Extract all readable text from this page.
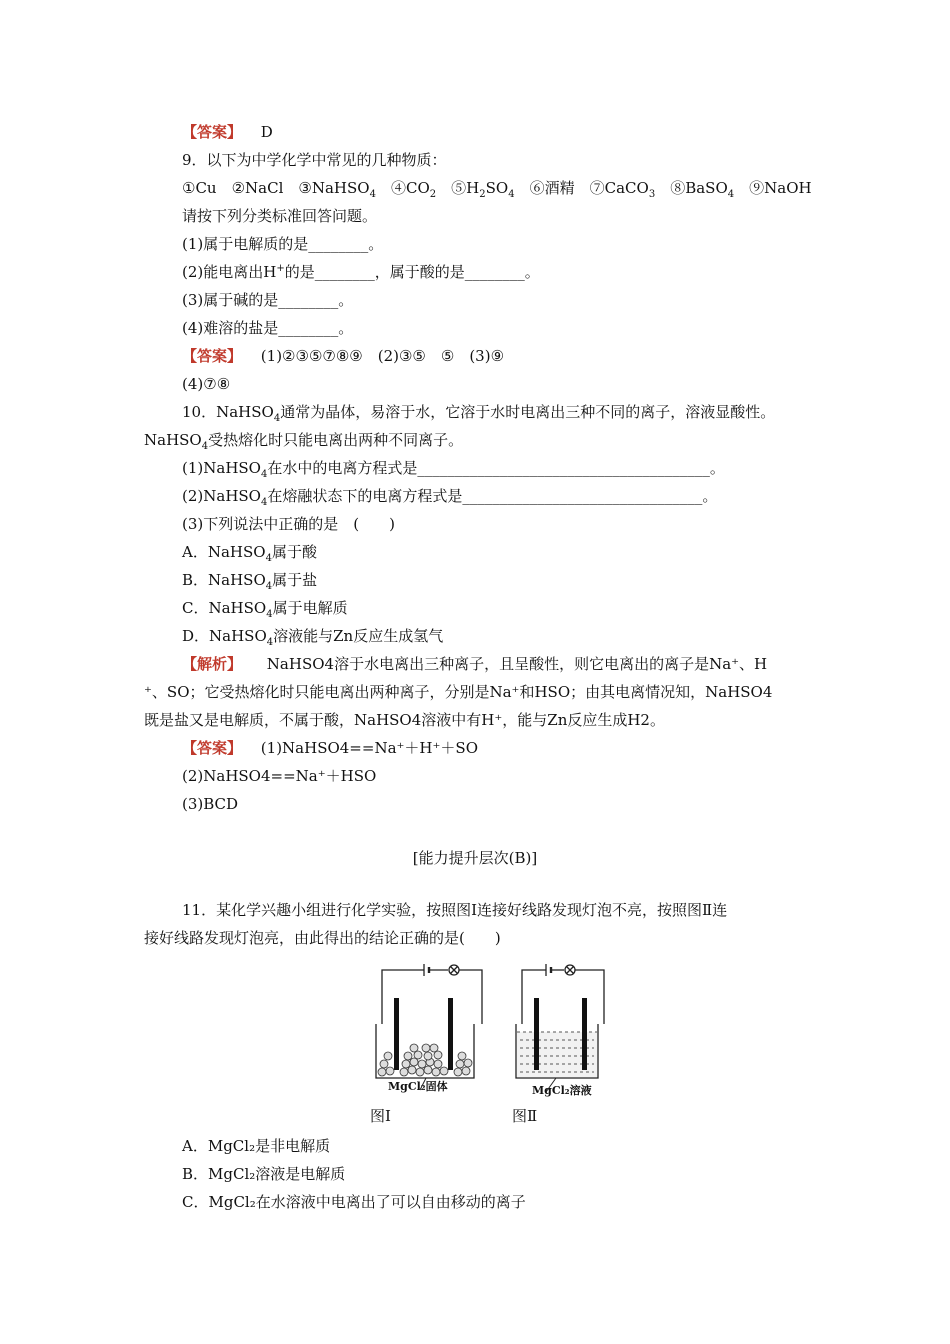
【答案】 D
9．以下为中学化学中常见的几种物质：
①Cu　 ②NaCl　 ③NaHSO$_4$　 $④CO_2$　 $⑤H_2SO_4$　 ⑥酒精　 ⑦CaCO$_3$　 ⑧BaSO$_4$　 ⑨NaOH
请按下列分类标准回答问题。
(1)属于电解质的是________。
(2)能电离出H+的是________，属于酸的是________。
(3)属于碱的是________。
(4)难溶的盐是________。
【答案】 (1)②③⑤⑦⑧⑨　(2)③⑤　⑤　(3)⑨
(4)⑦⑧
10．NaHSO$_4$通常为晶体，易溶于水，它溶于水时电离出三种不同的离子，溶液显酸性。
NaHSO$_4$受热熔化时只能电离出两种不同离子。
(1)NaHSO$_4$在水中的电离方程式是_______________________________________。
(2)NaHSO$_4$在熔融状态下的电离方程式是________________________________。
(3)下列说法中正确的是　(　　)
A．NaHSO$_4$属于酸
B．NaHSO$_4$属于盐
C．NaHSO$_4$属于电解质
D．NaHSO$_4$溶液能与Zn反应生成氢气
【解析】 NaHSO4溶于水电离出三种离子，且呈酸性，则它电离出的离子是Na⁺、H
⁺、SO；它受热熔化时只能电离出两种离子，分别是Na⁺和HSO；由其电离情况知，NaHSO4
既是盐又是电解质，不属于酸，NaHSO4溶液中有H⁺，能与Zn反应生成H2。
【答案】 (1)NaHSO4==Na⁺＋H⁺＋SO
(2)NaHSO4==Na⁺＋HSO
(3)BCD
[能力提升层次(B)]
11．某化学兴趣小组进行化学实验，按照图Ⅰ连接好线路发现灯泡不亮，按照图Ⅱ连
接好线路发现灯泡亮，由此得出的结论正确的是(　　)
MgCl₂固体	MgCl₂溶液
图Ⅰ	图Ⅱ
A．MgCl₂是非电解质
B．MgCl₂溶液是电解质
C．MgCl₂在水溶液中电离出了可以自由移动的离子
